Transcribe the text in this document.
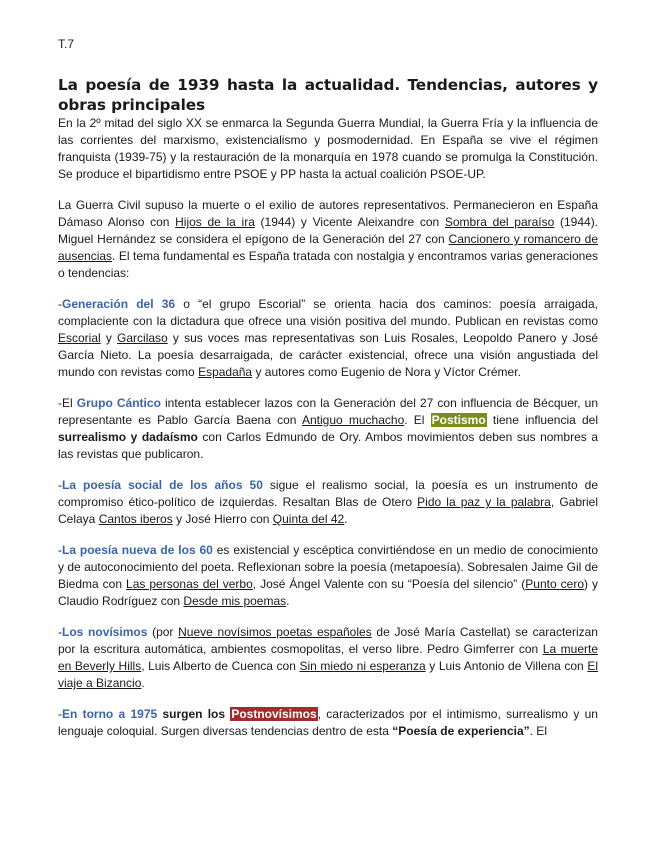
T.7
La poesía de 1939 hasta la actualidad. Tendencias, autores y obras principales

En la 2º mitad del siglo XX se enmarca la Segunda Guerra Mundial, la Guerra Fría y la influencia de las corrientes del marxismo, existencialismo y posmodernidad. En España se vive el régimen franquista (1939-75) y la restauración de la monarquía en 1978 cuando se promulga la Constitución. Se produce el bipartidismo entre PSOE y PP hasta la actual coalición PSOE-UP.

La Guerra Civil supuso la muerte o el exilio de autores representativos. Permanecieron en España Dámaso Alonso con Hijos de la ira (1944) y Vicente Aleixandre con Sombra del paraíso (1944). Miguel Hernández se considera el epígono de la Generación del 27 con Cancionero y romancero de ausencias. El tema fundamental es España tratada con nostalgia y encontramos varias generaciones o tendencias:

-Generación del 36 o “el grupo Escorial” se orienta hacia dos caminos: poesía arraigada, complaciente con la dictadura que ofrece una visión positiva del mundo. Publican en revistas como Escorial y Garcilaso y sus voces mas representativas son Luis Rosales, Leopoldo Panero y José García Nieto. La poesía desarraigada, de carácter existencial, ofrece una visión angustiada del mundo con revistas como Espadaña y autores como Eugenio de Nora y Víctor Crémer.

-El Grupo Cántico intenta establecer lazos con la Generación del 27 con influencia de Bécquer, un representante es Pablo García Baena con Antiguo muchacho. El Postismo tiene influencia del surrealismo y dadaísmo con Carlos Edmundo de Ory. Ambos movimientos deben sus nombres a las revistas que publicaron.

-La poesía social de los años 50 sigue el realismo social, la poesía es un instrumento de compromiso ético-político de izquierdas. Resaltan Blas de Otero Pido la paz y la palabra, Gabriel Celaya Cantos iberos y José Hierro con Quinta del 42.

-La poesía nueva de los 60 es existencial y escéptica convirtiéndose en un medio de conocimiento y de autoconocimiento del poeta. Reflexionan sobre la poesía (metapoesía). Sobresalen Jaime Gil de Biedma con Las personas del verbo, José Ángel Valente con su “Poesía del silencio” (Punto cero) y Claudio Rodríguez con Desde mis poemas.

-Los novísimos (por Nueve novísimos poetas españoles de José María Castellat) se caracterizan por la escritura automática, ambientes cosmopolitas, el verso libre. Pedro Gimferrer con La muerte en Beverly Hills, Luis Alberto de Cuenca con Sin miedo ni esperanza y Luis Antonio de Villena con El viaje a Bizancio.

-En torno a 1975 surgen los Postnovísimos, caracterizados por el intimismo, surrealismo y un lenguaje coloquial. Surgen diversas tendencias dentro de esta “Poesía de experiencia”. El
